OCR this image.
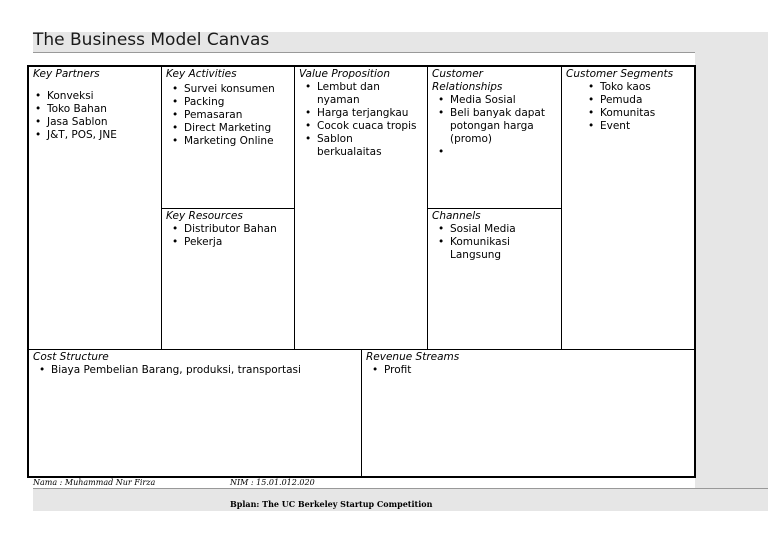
The Business Model Canvas
Key Partners
• Konveksi
• Toko Bahan
• Jasa Sablon
• J&T, POS, JNE
Key Activities
• Survei konsumen
• Packing
• Pemasaran
• Direct Marketing
• Marketing Online
Key Resources
• Distributor Bahan
• Pekerja
Value Proposition
• Lembut dan nyaman
• Harga terjangkau
• Cocok cuaca tropis
• Sablon berkualaitas
Customer Relationships
• Media Sosial
• Beli banyak dapat potongan harga (promo)
•
Channels
• Sosial Media
• Komunikasi Langsung
Customer Segments
• Toko kaos
• Pemuda
• Komunitas
• Event
Cost Structure
• Biaya Pembelian Barang, produksi, transportasi
Revenue Streams
• Profit
Nama : Muhammad Nur Firza	NIM : 15.01.012.020
Bplan: The UC Berkeley Startup Competition
